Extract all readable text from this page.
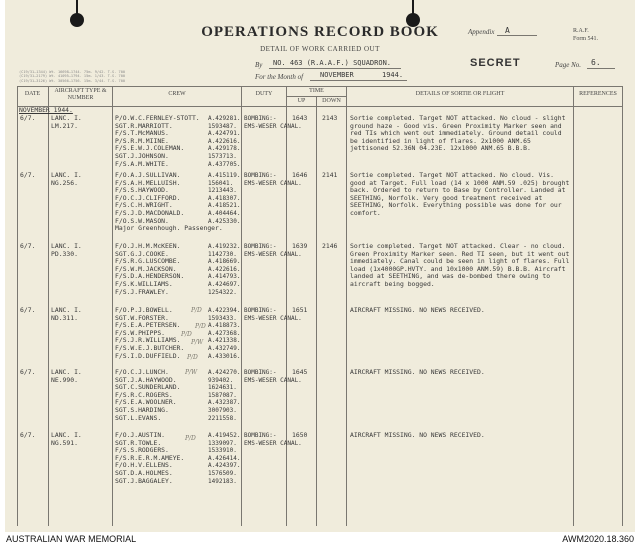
OPERATIONS RECORD BOOK
DETAIL OF WORK CARRIED OUT
Appendix A	R.A.F.
Form 541.
By NO. 463 (R.A.A.F.) SQUADRON.	SECRET	Page No. 6.
For the Month of NOVEMBER	1944.
(C19/31—1344) Wt. 16698—1744. 75m. 9/42. T.S. 700
(C19/31—2179) Wt. 41095—1794. 15m. 1/43. T.S. 700
(C19/31—3126) Wt. 30566—1756. 15m. 3/44. T.S. 700
DATE	AIRCRAFT TYPE & NUMBER
CREW	DUTY	TIME
UP	DOWN
DETAILS OF SORTIE OR FLIGHT	REFERENCES
NOVEMBER 1944.
6/7. LANC. I.
LM.217.
P/O.W.C.FERNLEY-STOTT. A.429281.
SGT.R.MARRIOTT.	1593487.
F/S.T.McMANUS.	A.424791.
P/S.R.M.MIINE.	A.422616.
F/S.E.W.J.COLEMAN.	A.429178.
SGT.J.JOHNSON.	1573713.
F/S.A.M.WHITE.	A.437705.
BOMBING:-
EMS-WESER CANAL.
1643 2143 Sortie completed. Target NOT attacked. No cloud - slight ground haze - Good vis. Green Proximity Marker seen and red TIs which went out immediately. Ground detail could be identified in light of flares. 2x1000 ANM.65 jettisoned 52.36N 04.23E. 12x1000 ANM.65 B.B.B.
6/7. LANC. I.
NG.256.
F/O.A.J.SULLIVAN.	A.415119.
F/S.A.H.MELLUISH.	156041.
F/S.S.HAYWOOD.	1213443.
F/O.C.J.CLIFFORD.	A.418307.
F/S.C.H.WRIGHT.	A.418521.
F/S.J.D.MACDONALD.	A.404464.
F/O.S.W.MASON.	A.425330.
Major Greenhough. Passenger.
BOMBING:-
EMS-WESER CANAL.
1646 2141 Sortie completed. Target NOT attacked. No cloud. Vis. good at Target. Full load (14 x 1000 ANM.59 .025) brought back. Ordered to return to Base by Controller. Landed at SEETHING, Norfolk. Very good treatment received at SEETHING, Norfolk. Everything possible was done for our comfort.
6/7. LANC. I.
PD.330.
F/O.J.H.M.McKEEN.	A.419232.
SGT.G.J.COOKE.	1142730.
F/S.R.G.LUSCOMBE.	A.418669.
F/S.W.M.JACKSON.	A.422616.
F/S.D.A.HENDERSON.	A.414793.
F/S.K.WILLIAMS.	A.424697.
F/S.J.FRAWLEY.	1254322.
BOMBING:-
EMS-WESER CANAL.
1639 2146 Sortie completed. Target NOT attacked. Clear - no cloud. Green Proximity Marker seen. Red TI seen, but it went out immediately. Canal could be seen in light of flares. Full load (1x4000GP.HVTY. and 10x1000 ANM.59) B.B.B. Aircraft landed at SEETHING, and was de-bombed there owing to aircraft being bogged.
6/7. LANC. I.
ND.311.
F/O.P.J.BOWELL.	A.422394.
SGT.W.FORSTER.	1593433.
F/S.E.A.PETERSEN.	A.418873.
F/S.W.PHIPPS.	A.427368.
F/S.J.R.WILLIAMS.	A.421338.
F/S.W.E.J.BUTCHER.	A.432749.
F/S.I.D.DUFFIELD.	A.433016.
BOMBING:-
EMS-WESER CANAL.
1651	AIRCRAFT MISSING. NO NEWS RECEIVED.
6/7. LANC. I.
NE.990.
F/O.C.J.LUNCH.	A.424270.
SGT.J.A.HAYWOOD.	939402.
SGT.C.SUNDERLAND.	1624631.
F/S.R.C.ROGERS.	1587087.
F/S.E.A.WOOLNER.	A.432387.
SGT.S.HARDING.	3007903.
SGT.L.EVANS.	2211558.
BOMBING:-
EMS-WESER CANAL.
1645	AIRCRAFT MISSING. NO NEWS RECEIVED.
6/7. LANC. I.
NG.591.
F/O.J.AUSTIN.	A.419452.
SGT.R.TOWLE.	1339097.
F/S.S.RODGERS.	1533910.
F/S.R.E.R.M.AMEYE.	A.426414.
F/O.H.V.ELLENS.	A.424397.
SGT.D.A.HOLMES.	1576509.
SGT.J.BAGGALEY.	1492183.
BOMBING:-
EMS-WESER CANAL.
1650	AIRCRAFT MISSING. NO NEWS RECEIVED.
P/D
P/D
P/D
P/W
P/D
P/W
P/D
AUSTRALIAN WAR MEMORIAL	AWM2020.18.360
